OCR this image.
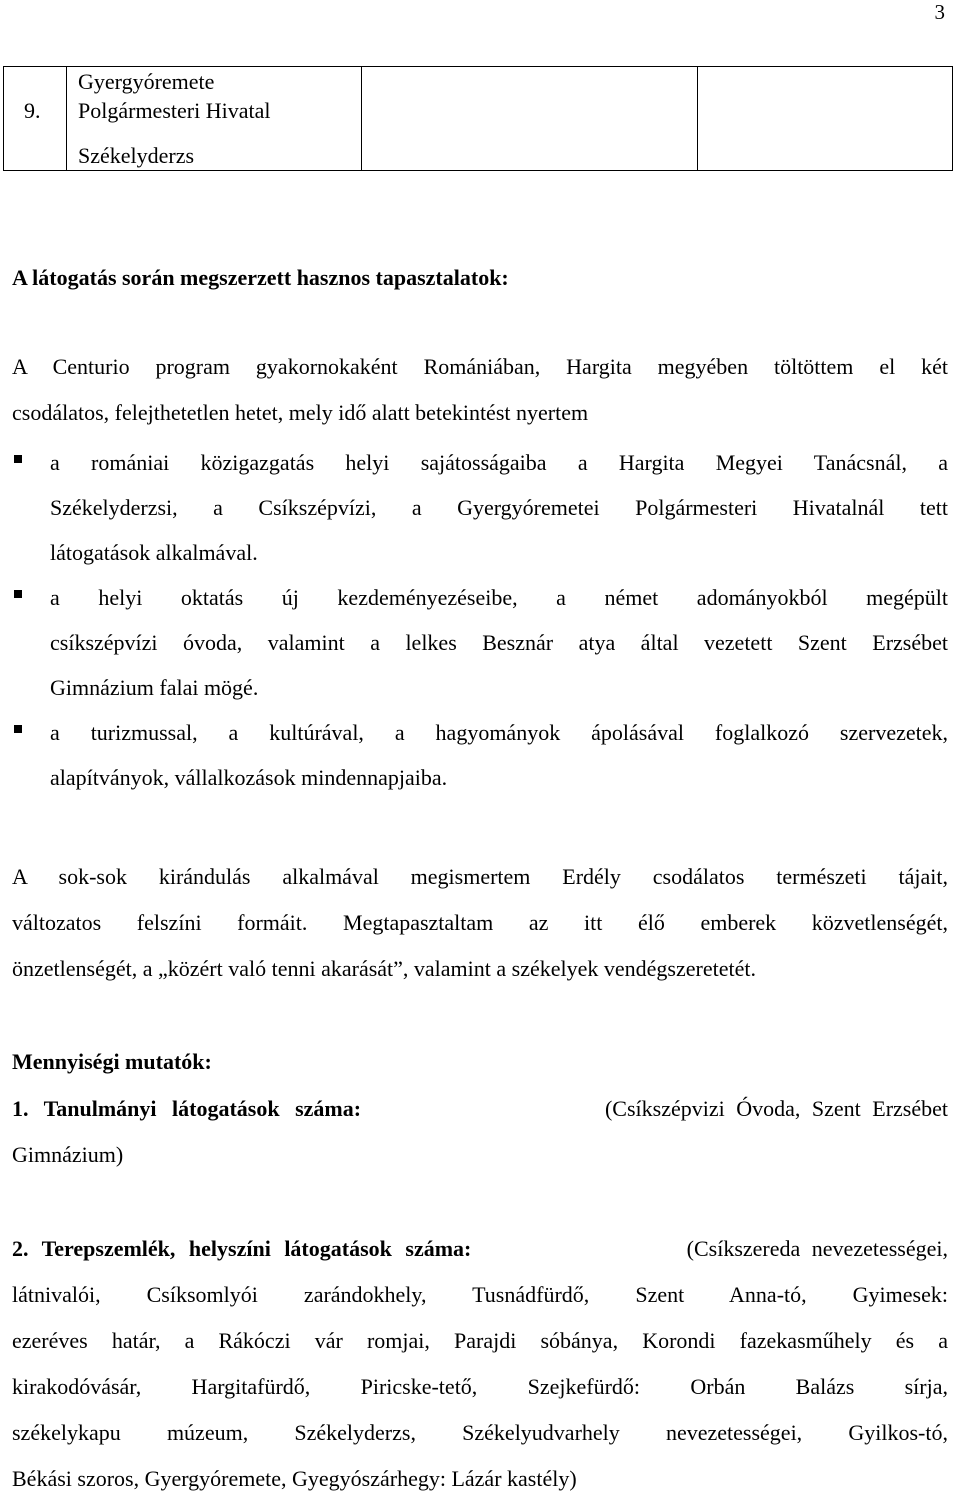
3
9.
Gyergyóremete
Polgármesteri Hivatal
Székelyderzs
A látogatás során megszerzett hasznos tapasztalatok:
A Centurio program gyakornokaként Romániában, Hargita megyében töltöttem el két
csodálatos, felejthetetlen hetet, mely idő alatt betekintést nyertem
a romániai közigazgatás helyi sajátosságaiba a Hargita Megyei Tanácsnál, a
Székelyderzsi, a Csíkszépvízi, a Gyergyóremetei Polgármesteri Hivatalnál tett
látogatások alkalmával.
a helyi oktatás új kezdeményezéseibe, a német adományokból megépült
csíkszépvízi óvoda, valamint a lelkes Besznár atya által vezetett Szent Erzsébet
Gimnázium falai mögé.
a turizmussal, a kultúrával, a hagyományok ápolásával foglalkozó szervezetek,
alapítványok, vállalkozások mindennapjaiba.
A sok-sok kirándulás alkalmával megismertem Erdély csodálatos természeti tájait,
változatos felszíni formáit. Megtapasztaltam az itt élő emberek közvetlenségét,
önzetlenségét, a „közért való tenni akarását”, valamint a székelyek vendégszeretetét.
Mennyiségi mutatók:
1. Tanulmányi látogatások száma:	(Csíkszépvizi Óvoda, Szent Erzsébet
Gimnázium)
2. Terepszemlék, helyszíni látogatások száma:	(Csíkszereda nevezetességei,
látnivalói, Csíksomlyói zarándokhely, Tusnádfürdő, Szent Anna-tó, Gyimesek:
ezeréves határ, a Rákóczi vár romjai, Parajdi sóbánya, Korondi fazekasműhely és a
kirakodóvásár, Hargitafürdő, Piricske-tető, Szejkefürdő: Orbán Balázs sírja,
székelykapu múzeum, Székelyderzs, Székelyudvarhely nevezetességei, Gyilkos-tó,
Békási szoros, Gyergyóremete, Gyegyószárhegy: Lázár kastély)
